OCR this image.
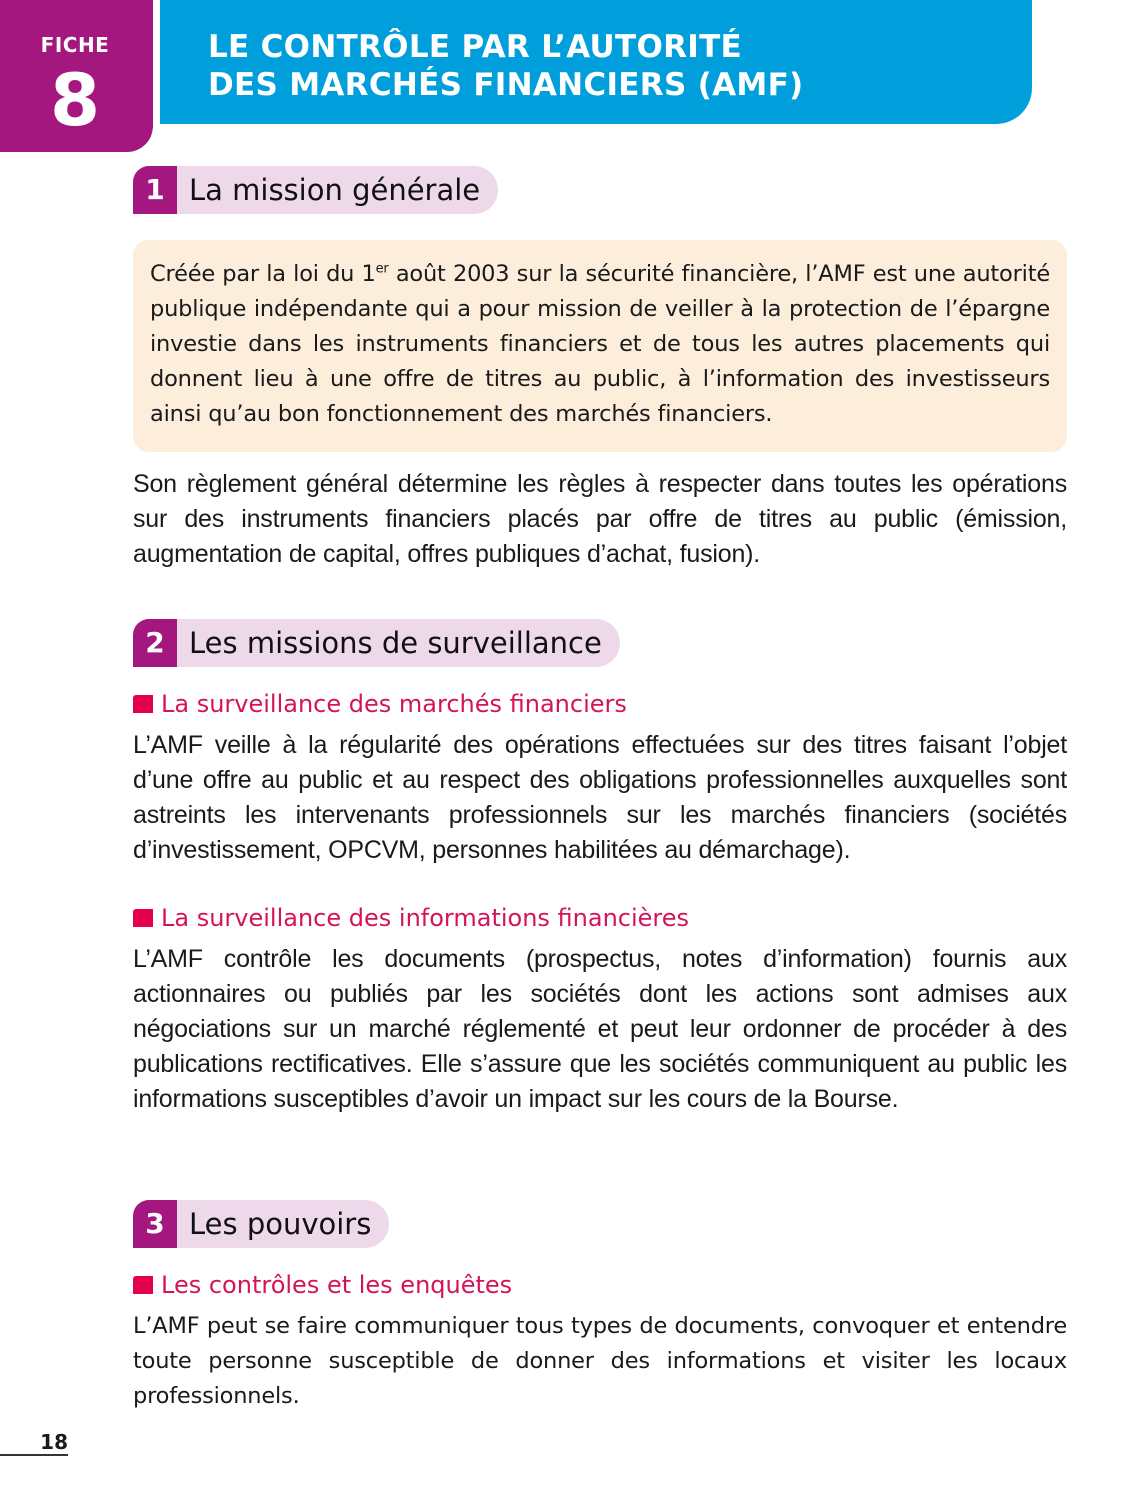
FICHE
8
LE CONTRÔLE PAR L’AUTORITÉ
DES MARCHÉS FINANCIERS (AMF)
1 La mission générale

Créée par la loi du 1er août 2003 sur la sécurité financière, l’AMF est une autorité publique indépendante qui a pour mission de veiller à la protection de l’épargne investie dans les instruments financiers et de tous les autres placements qui donnent lieu à une offre de titres au public, à l’information des investisseurs ainsi qu’au bon fonctionnement des marchés financiers.

Son règlement général détermine les règles à respecter dans toutes les opérations sur des instruments financiers placés par offre de titres au public (émission, augmentation de capital, offres publiques d’achat, fusion).

2 Les missions de surveillance
La surveillance des marchés financiers

L’AMF veille à la régularité des opérations effectuées sur des titres faisant l’objet d’une offre au public et au respect des obligations professionnelles auxquelles sont astreints les intervenants professionnels sur les marchés financiers (sociétés d’investissement, OPCVM, personnes habilitées au démarchage).

La surveillance des informations financières

L’AMF contrôle les documents (prospectus, notes d’information) fournis aux actionnaires ou publiés par les sociétés dont les actions sont admises aux négociations sur un marché réglementé et peut leur ordonner de procéder à des publications rectificatives. Elle s’assure que les sociétés communiquent au public les informations susceptibles d’avoir un impact sur les cours de la Bourse.

3 Les pouvoirs
Les contrôles et les enquêtes

L’AMF peut se faire communiquer tous types de documents, convoquer et entendre toute personne susceptible de donner des informations et visiter les locaux professionnels.

18
